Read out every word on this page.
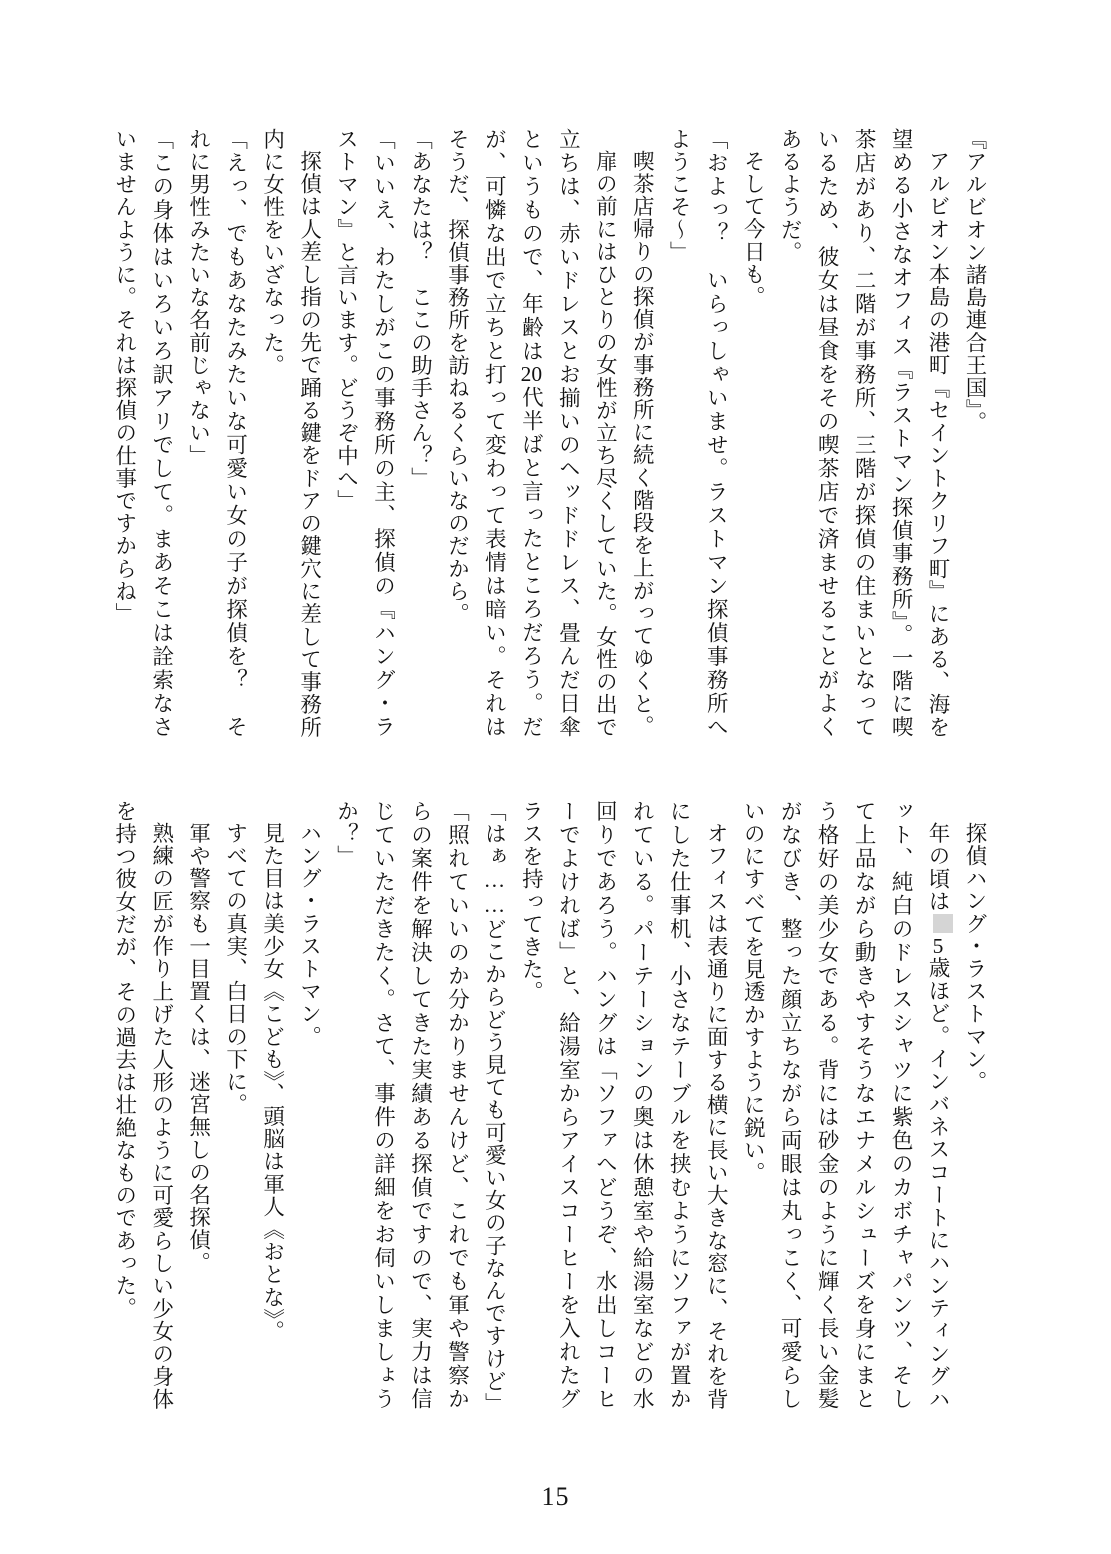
『アルビオン諸島連合王国』。

アルビオン本島の港町『セイントクリフ町』にある、海を望める小さなオフィス『ラストマン探偵事務所』。一階に喫茶店があり、二階が事務所、三階が探偵の住まいとなっているため、彼女は昼食をその喫茶店で済ませることがよくあるようだ。

そして今日も。

「およっ？　いらっしゃいませ。ラストマン探偵事務所へようこそ〜」

喫茶店帰りの探偵が事務所に続く階段を上がってゆくと。

扉の前にはひとりの女性が立ち尽くしていた。女性の出で立ちは、赤いドレスとお揃いのヘッドドレス、畳んだ日傘というもので、年齢は20代半ばと言ったところだろう。だが、可憐な出で立ちと打って変わって表情は暗い。それはそうだ、探偵事務所を訪ねるくらいなのだから。

「あなたは？　ここの助手さん？」

「いいえ、わたしがこの事務所の主、探偵の『ハング・ラストマン』と言います。どうぞ中へ」

探偵は人差し指の先で踊る鍵をドアの鍵穴に差して事務所内に女性をいざなった。

「えっ、でもあなたみたいな可愛い女の子が探偵を？　それに男性みたいな名前じゃない」

「この身体はいろいろ訳アリでして。まあそこは詮索なさいませんように。それは探偵の仕事ですからね」

探偵ハング・ラストマン。

年の頃は5歳ほど。インバネスコートにハンティングハット、純白のドレスシャツに紫色のカボチャパンツ、そして上品ながら動きやすそうなエナメルシューズを身にまとう格好の美少女である。背には砂金のように輝く長い金髪がなびき、整った顔立ちながら両眼は丸っこく、可愛らしいのにすべてを見透かすように鋭い。

オフィスは表通りに面する横に長い大きな窓に、それを背にした仕事机、小さなテーブルを挟むようにソファが置かれている。パーテーションの奥は休憩室や給湯室などの水回りであろう。ハングは「ソファへどうぞ、水出しコーヒーでよければ」と、給湯室からアイスコーヒーを入れたグラスを持ってきた。

「はぁ……どこからどう見ても可愛い女の子なんですけど」

「照れていいのか分かりませんけど、これでも軍や警察からの案件を解決してきた実績ある探偵ですので、実力は信じていただきたく。さて、事件の詳細をお伺いしましょうか？」

ハング・ラストマン。

見た目は美少女《こども》、頭脳は軍人《おとな》。

すべての真実、白日の下に。

軍や警察も一目置くは、迷宮無しの名探偵。

熟練の匠が作り上げた人形のように可愛らしい少女の身体を持つ彼女だが、その過去は壮絶なものであった。

15
